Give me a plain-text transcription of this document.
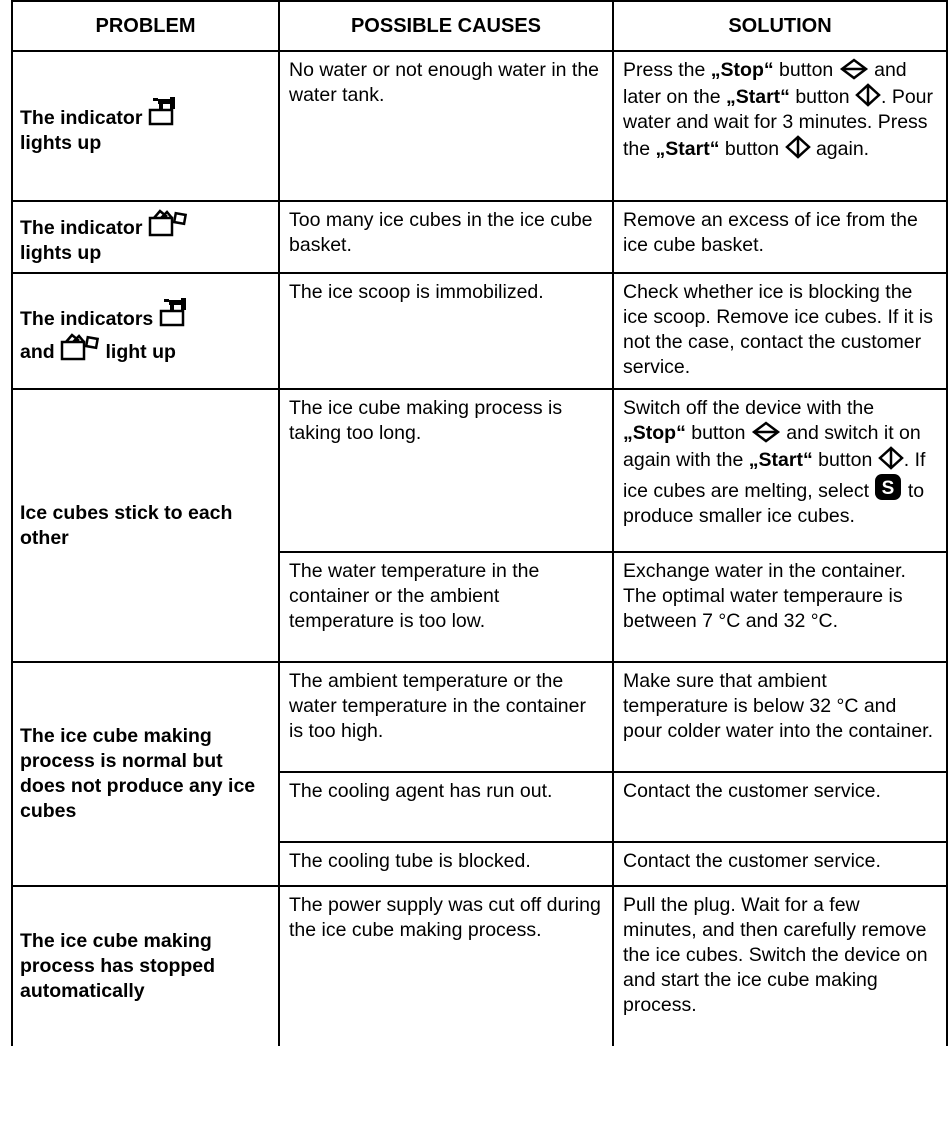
PROBLEM	POSSIBLE CAUSES	SOLUTION
The indicator

lights up	No water or not enough water in the water tank.	Press the „Stop“ button
and later on the „Start“ button
. Pour water and wait for 3 minutes. Press the „Start“ button
again.
The indicator

lights up	Too many ice cubes in the ice cube basket.	Remove an excess of ice from the ice cube basket.
The indicators

and light up	The ice scoop is immobilized.	Check whether ice is blocking the ice scoop. Remove ice cubes. If it is not the case, contact the customer service.
Ice cubes stick to each other	The ice cube making process is taking too long.	Switch off the device with the „Stop“ button
and switch it on again with the „Start“ button
. If ice cubes are melting, select S to produce smaller ice cubes.
	The water temperature in the container or the ambient temperature is too low.	Exchange water in the container. The optimal water temperaure is between 7 °C and 32 °C.
The ice cube making process is normal but does not produce any ice cubes	The ambient temperature or the water temperature in the container is too high.	Make sure that ambient temperature is below 32 °C and pour colder water into the container.
	The cooling agent has run out.	Contact the customer service.
	The cooling tube is blocked.	Contact the customer service.
The ice cube making process has stopped automatically	The power supply was cut off during the ice cube making process.	Pull the plug. Wait for a few minutes, and then carefully remove the ice cubes. Switch the device on and start the ice cube making process.
